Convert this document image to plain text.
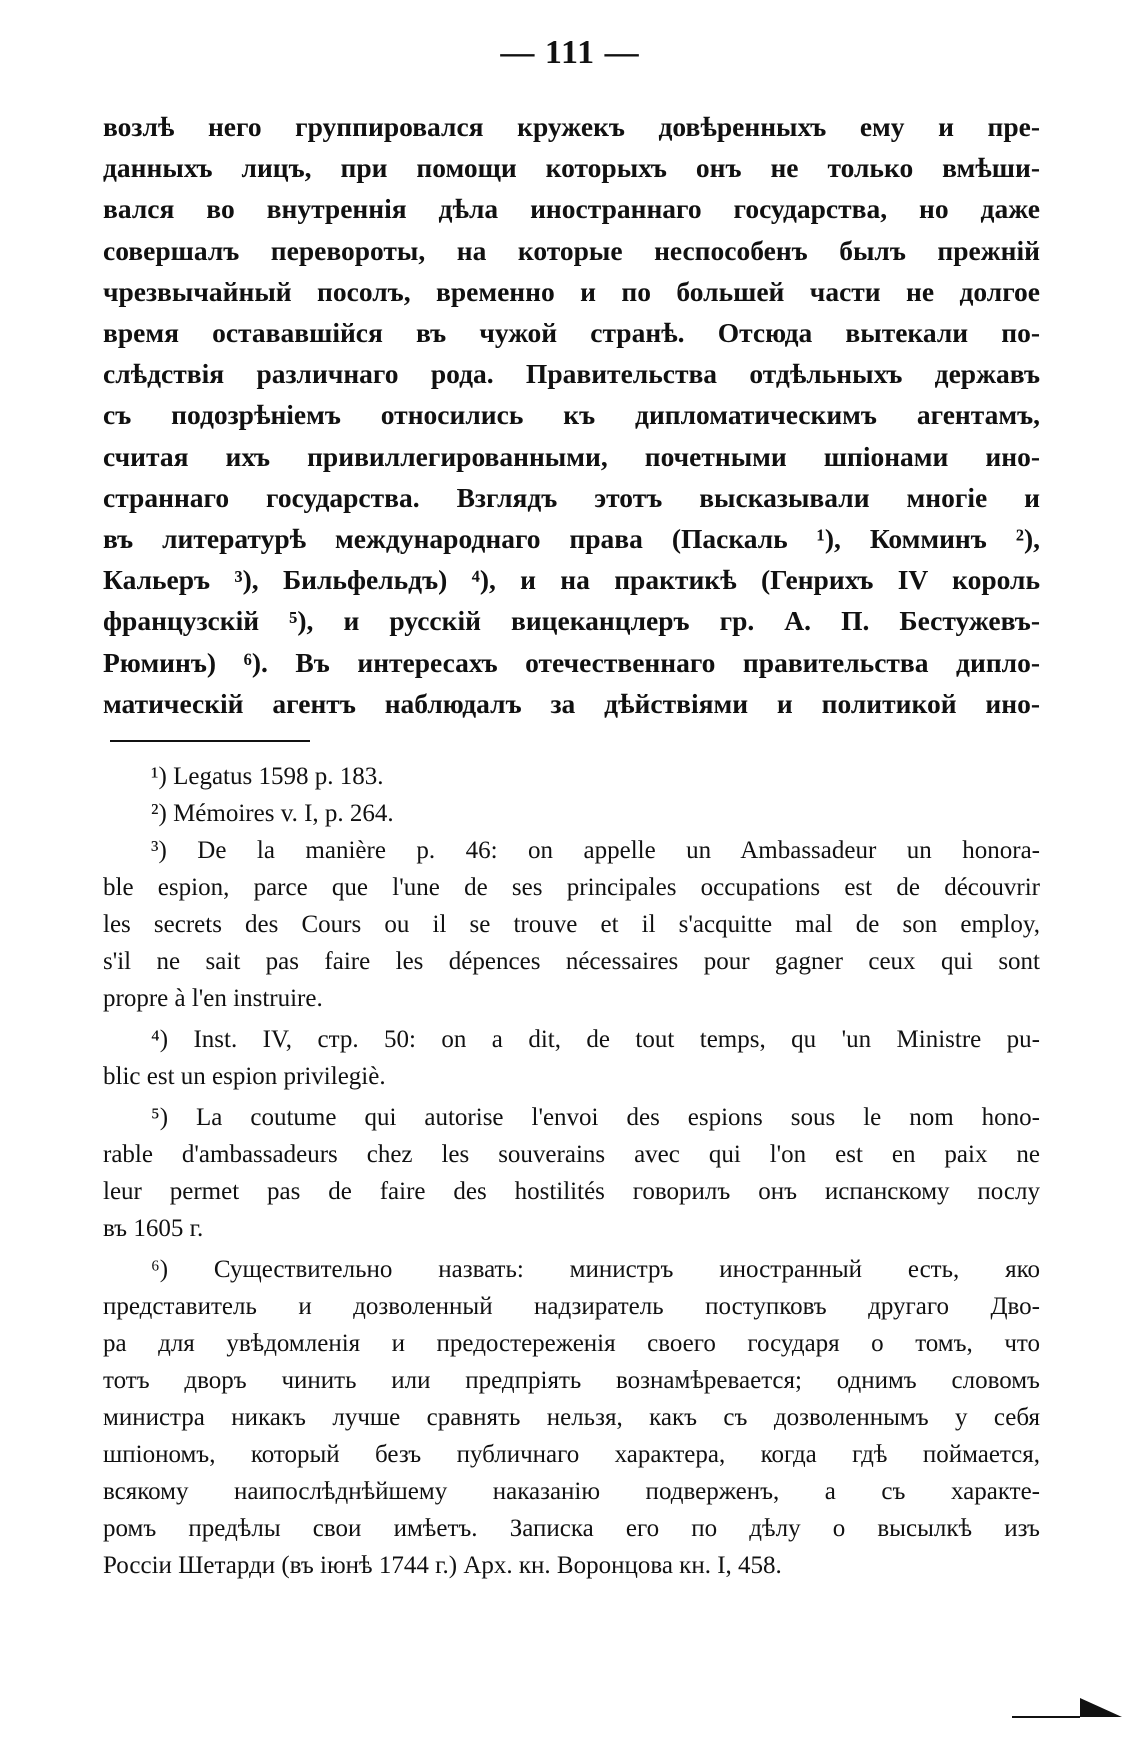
— 111 —
возлѣ него группировался кружекъ довѣренныхъ ему и пре-
данныхъ лицъ, при помощи которыхъ онъ не только вмѣши-
вался во внутреннія дѣла иностраннаго государства, но даже
совершалъ перевороты, на которые неспособенъ былъ прежній
чрезвычайный посолъ, временно и по большей части не долгое
время остававшійся въ чужой странѣ. Отсюда вытекали по-
слѣдствія различнаго рода. Правительства отдѣльныхъ державъ
съ подозрѣніемъ относились къ дипломатическимъ агентамъ,
считая ихъ привиллегированными, почетными шпіонами ино-
страннаго государства. Взглядъ этотъ высказывали многіе и
въ литературѣ международнаго права (Паскаль ¹), Комминъ ²),
Кальеръ ³), Бильфельдъ) ⁴), и на практикѣ (Генрихъ IV король
французскій ⁵), и русскій вицеканцлеръ гр. А. П. Бестужевъ-
Рюминъ) ⁶). Въ интересахъ отечественнаго правительства дипло-
матическій агентъ наблюдалъ за дѣйствіями и политикой ино-
¹) Legatus 1598 p. 183.
²) Mémoires v. I, p. 264.
³) De la manière p. 46: on appelle un Ambassadeur un honora-
ble espion, parce que l'une de ses principales occupations est de découvrir
les secrets des Cours ou il se trouve et il s'acquitte mal de son employ,
s'il ne sait pas faire les dépences nécessaires pour gagner ceux qui sont
propre à l'en instruire.
⁴) Inst. IV, стр. 50: on a dit, de tout temps, qu 'un Ministre pu-
blic est un espion privilegiè.
⁵) La coutume qui autorise l'envoi des espions sous le nom hono-
rable d'ambassadeurs chez les souverains avec qui l'on est en paix ne
leur permet pas de faire des hostilités говорилъ онъ испанскому послу
въ 1605 г.
⁶) Существительно назвать: министръ иностранный есть, яко
представитель и дозволенный надзиратель поступковъ другаго Дво-
ра для увѣдомленія и предостереженія своего государя о томъ, что
тотъ дворъ чинить или предпріять вознамѣревается; однимъ словомъ
министра никакъ лучше сравнять нельзя, какъ съ дозволеннымъ у себя
шпіономъ, который безъ публичнаго характера, когда гдѣ поймается,
всякому наипослѣднѣйшему наказанію подверженъ, а съ характе-
ромъ предѣлы свои имѣетъ. Записка его по дѣлу о высылкѣ изъ
Россіи Шетарди (въ іюнѣ 1744 г.) Арх. кн. Воронцова кн. I, 458.
